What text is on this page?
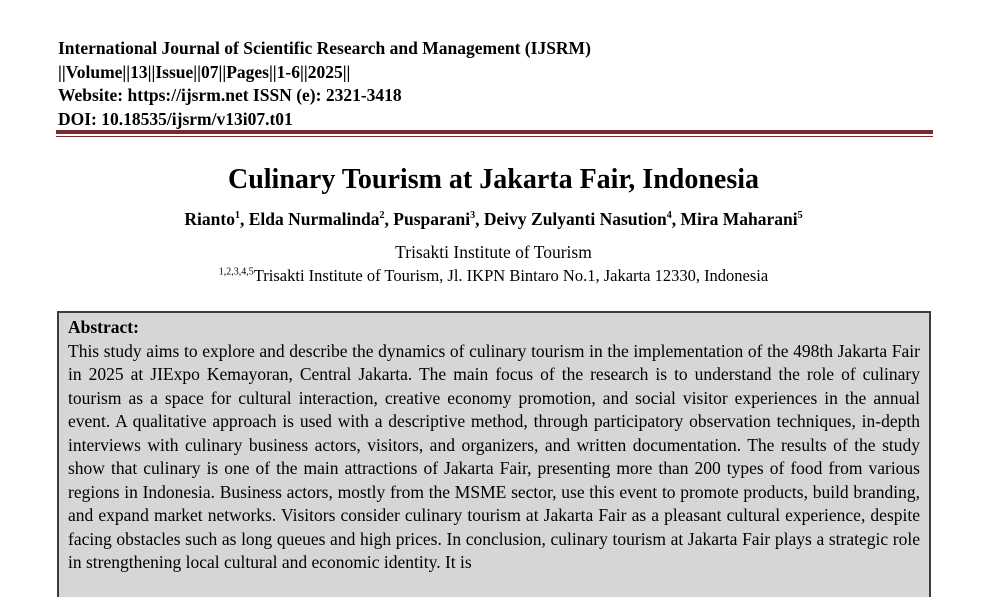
International Journal of Scientific Research and Management (IJSRM)
||Volume||13||Issue||07||Pages||1-6||2025||
Website: https://ijsrm.net ISSN (e): 2321-3418
DOI: 10.18535/ijsrm/v13i07.t01
Culinary Tourism at Jakarta Fair, Indonesia
Rianto$^1$, Elda Nurmalinda$^2$, Pusparani$^3$, Deivy Zulyanti Nasution$^4$, Mira Maharani$^5$
Trisakti Institute of Tourism
$^{1,2,3,4,5}$Trisakti Institute of Tourism, Jl. IKPN Bintaro No.1, Jakarta 12330, Indonesia
Abstract:
This study aims to explore and describe the dynamics of culinary tourism in the implementation of the 498th Jakarta Fair in 2025 at JIExpo Kemayoran, Central Jakarta. The main focus of the research is to understand the role of culinary tourism as a space for cultural interaction, creative economy promotion, and social visitor experiences in the annual event. A qualitative approach is used with a descriptive method, through participatory observation techniques, in-depth interviews with culinary business actors, visitors, and organizers, and written documentation. The results of the study show that culinary is one of the main attractions of Jakarta Fair, presenting more than 200 types of food from various regions in Indonesia. Business actors, mostly from the MSME sector, use this event to promote products, build branding, and expand market networks. Visitors consider culinary tourism at Jakarta Fair as a pleasant cultural experience, despite facing obstacles such as long queues and high prices. In conclusion, culinary tourism at Jakarta Fair plays a strategic role in strengthening local cultural and economic identity. It is
